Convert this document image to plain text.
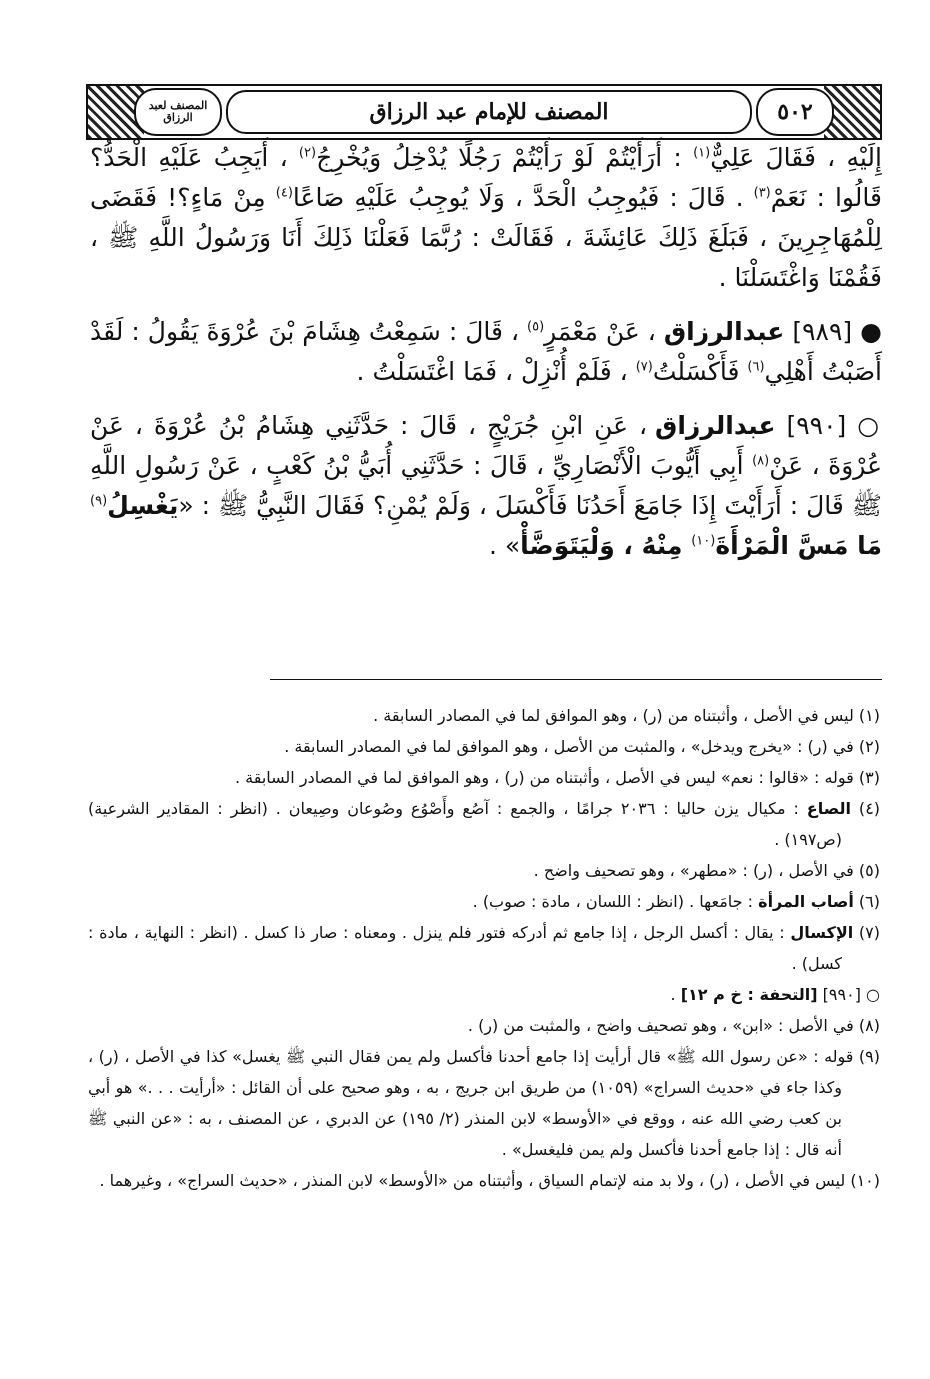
المصنف لعبد الرزاق	المصنف للإمام عبد الرزاق	٥٠٢

إِلَيْهِ ، فَقَالَ عَلِيٌّ$^{(١)}$ : أَرَأَيْتُمْ لَوْ رَأَيْتُمْ رَجُلًا يُدْخِلُ وَيُخْرِجُ$^{(٢)}$ ، أَيَجِبُ عَلَيْهِ الْحَدُّ؟ قَالُوا : نَعَمْ$^{(٣)}$ . قَالَ : فَيُوجِبُ الْحَدَّ ، وَلَا يُوجِبُ عَلَيْهِ صَاعًا$^{(٤)}$ مِنْ مَاءٍ؟! فَقَضَى لِلْمُهَاجِرِينَ ، فَبَلَغَ ذَلِكَ عَائِشَةَ ، فَقَالَتْ : رُبَّمَا فَعَلْنَا ذَلِكَ أَنَا وَرَسُولُ اللَّهِ ﷺ ، فَقُمْنَا وَاغْتَسَلْنَا .

● [٩٨٩] عبدالرزاق ، عَنْ مَعْمَرٍ$^{(٥)}$ ، قَالَ : سَمِعْتُ هِشَامَ بْنَ عُرْوَةَ يَقُولُ : لَقَدْ أَصَبْتُ أَهْلِي$^{(٦)}$ فَأَكْسَلْتُ$^{(٧)}$ ، فَلَمْ أُنْزِلْ ، فَمَا اغْتَسَلْتُ .

○ [٩٩٠] عبدالرزاق ، عَنِ ابْنِ جُرَيْجٍ ، قَالَ : حَدَّثَنِي هِشَامُ بْنُ عُرْوَةَ ، عَنْ عُرْوَةَ ، عَنْ$^{(٨)}$ أَبِي أَيُّوبَ الْأَنْصَارِيِّ ، قَالَ : حَدَّثَنِي أُبَيُّ بْنُ كَعْبٍ ، عَنْ رَسُولِ اللَّهِ ﷺ قَالَ : أَرَأَيْتَ إِذَا جَامَعَ أَحَدُنَا فَأَكْسَلَ ، وَلَمْ يُمْنِ؟ فَقَالَ النَّبِيُّ ﷺ : «يَغْسِلُ$^{(٩)}$ مَا مَسَّ الْمَرْأَةَ$^{(١٠)}$ مِنْهُ ، وَلْيَتَوَضَّأْ» .

(١) ليس في الأصل ، وأثبتناه من (ر) ، وهو الموافق لما في المصادر السابقة .

(٢) في (ر) : «يخرج ويدخل» ، والمثبت من الأصل ، وهو الموافق لما في المصادر السابقة .

(٣) قوله : «قالوا : نعم» ليس في الأصل ، وأثبتناه من (ر) ، وهو الموافق لما في المصادر السابقة .

(٤) الصاع : مكيال يزن حاليا : ٢٠٣٦ جرامًا ، والجمع : آصُع وأَصْوُع وصُوعان وصِيعان . (انظر : المقادير الشرعية) (ص١٩٧) .

(٥) في الأصل ، (ر) : «مطهر» ، وهو تصحيف واضح .

(٦) أصاب المرأة : جامَعها . (انظر : اللسان ، مادة : صوب) .

(٧) الإكسال : يقال : أكسل الرجل ، إذا جامع ثم أدركه فتور فلم ينزل . ومعناه : صار ذا كسل . (انظر : النهاية ، مادة : كسل) .

○ [٩٩٠] [التحفة : خ م ١٢] .

(٨) في الأصل : «ابن» ، وهو تصحيف واضح ، والمثبت من (ر) .

(٩) قوله : «عن رسول الله ﷺ» قال أرأيت إذا جامع أحدنا فأكسل ولم يمن فقال النبي ﷺ يغسل» كذا في الأصل ، (ر) ، وكذا جاء في «حديث السراج» (١٠٥٩) من طريق ابن جريج ، به ، وهو صحيح على أن القائل : «أرأيت . . .» هو أبي بن كعب رضي الله عنه ، ووقع في «الأوسط» لابن المنذر (٢/ ١٩٥) عن الدبري ، عن المصنف ، به : «عن النبي ﷺ أنه قال : إذا جامع أحدنا فأكسل ولم يمن فليغسل» .

(١٠) ليس في الأصل ، (ر) ، ولا بد منه لإتمام السياق ، وأثبتناه من «الأوسط» لابن المنذر ، «حديث السراج» ، وغيرهما .
